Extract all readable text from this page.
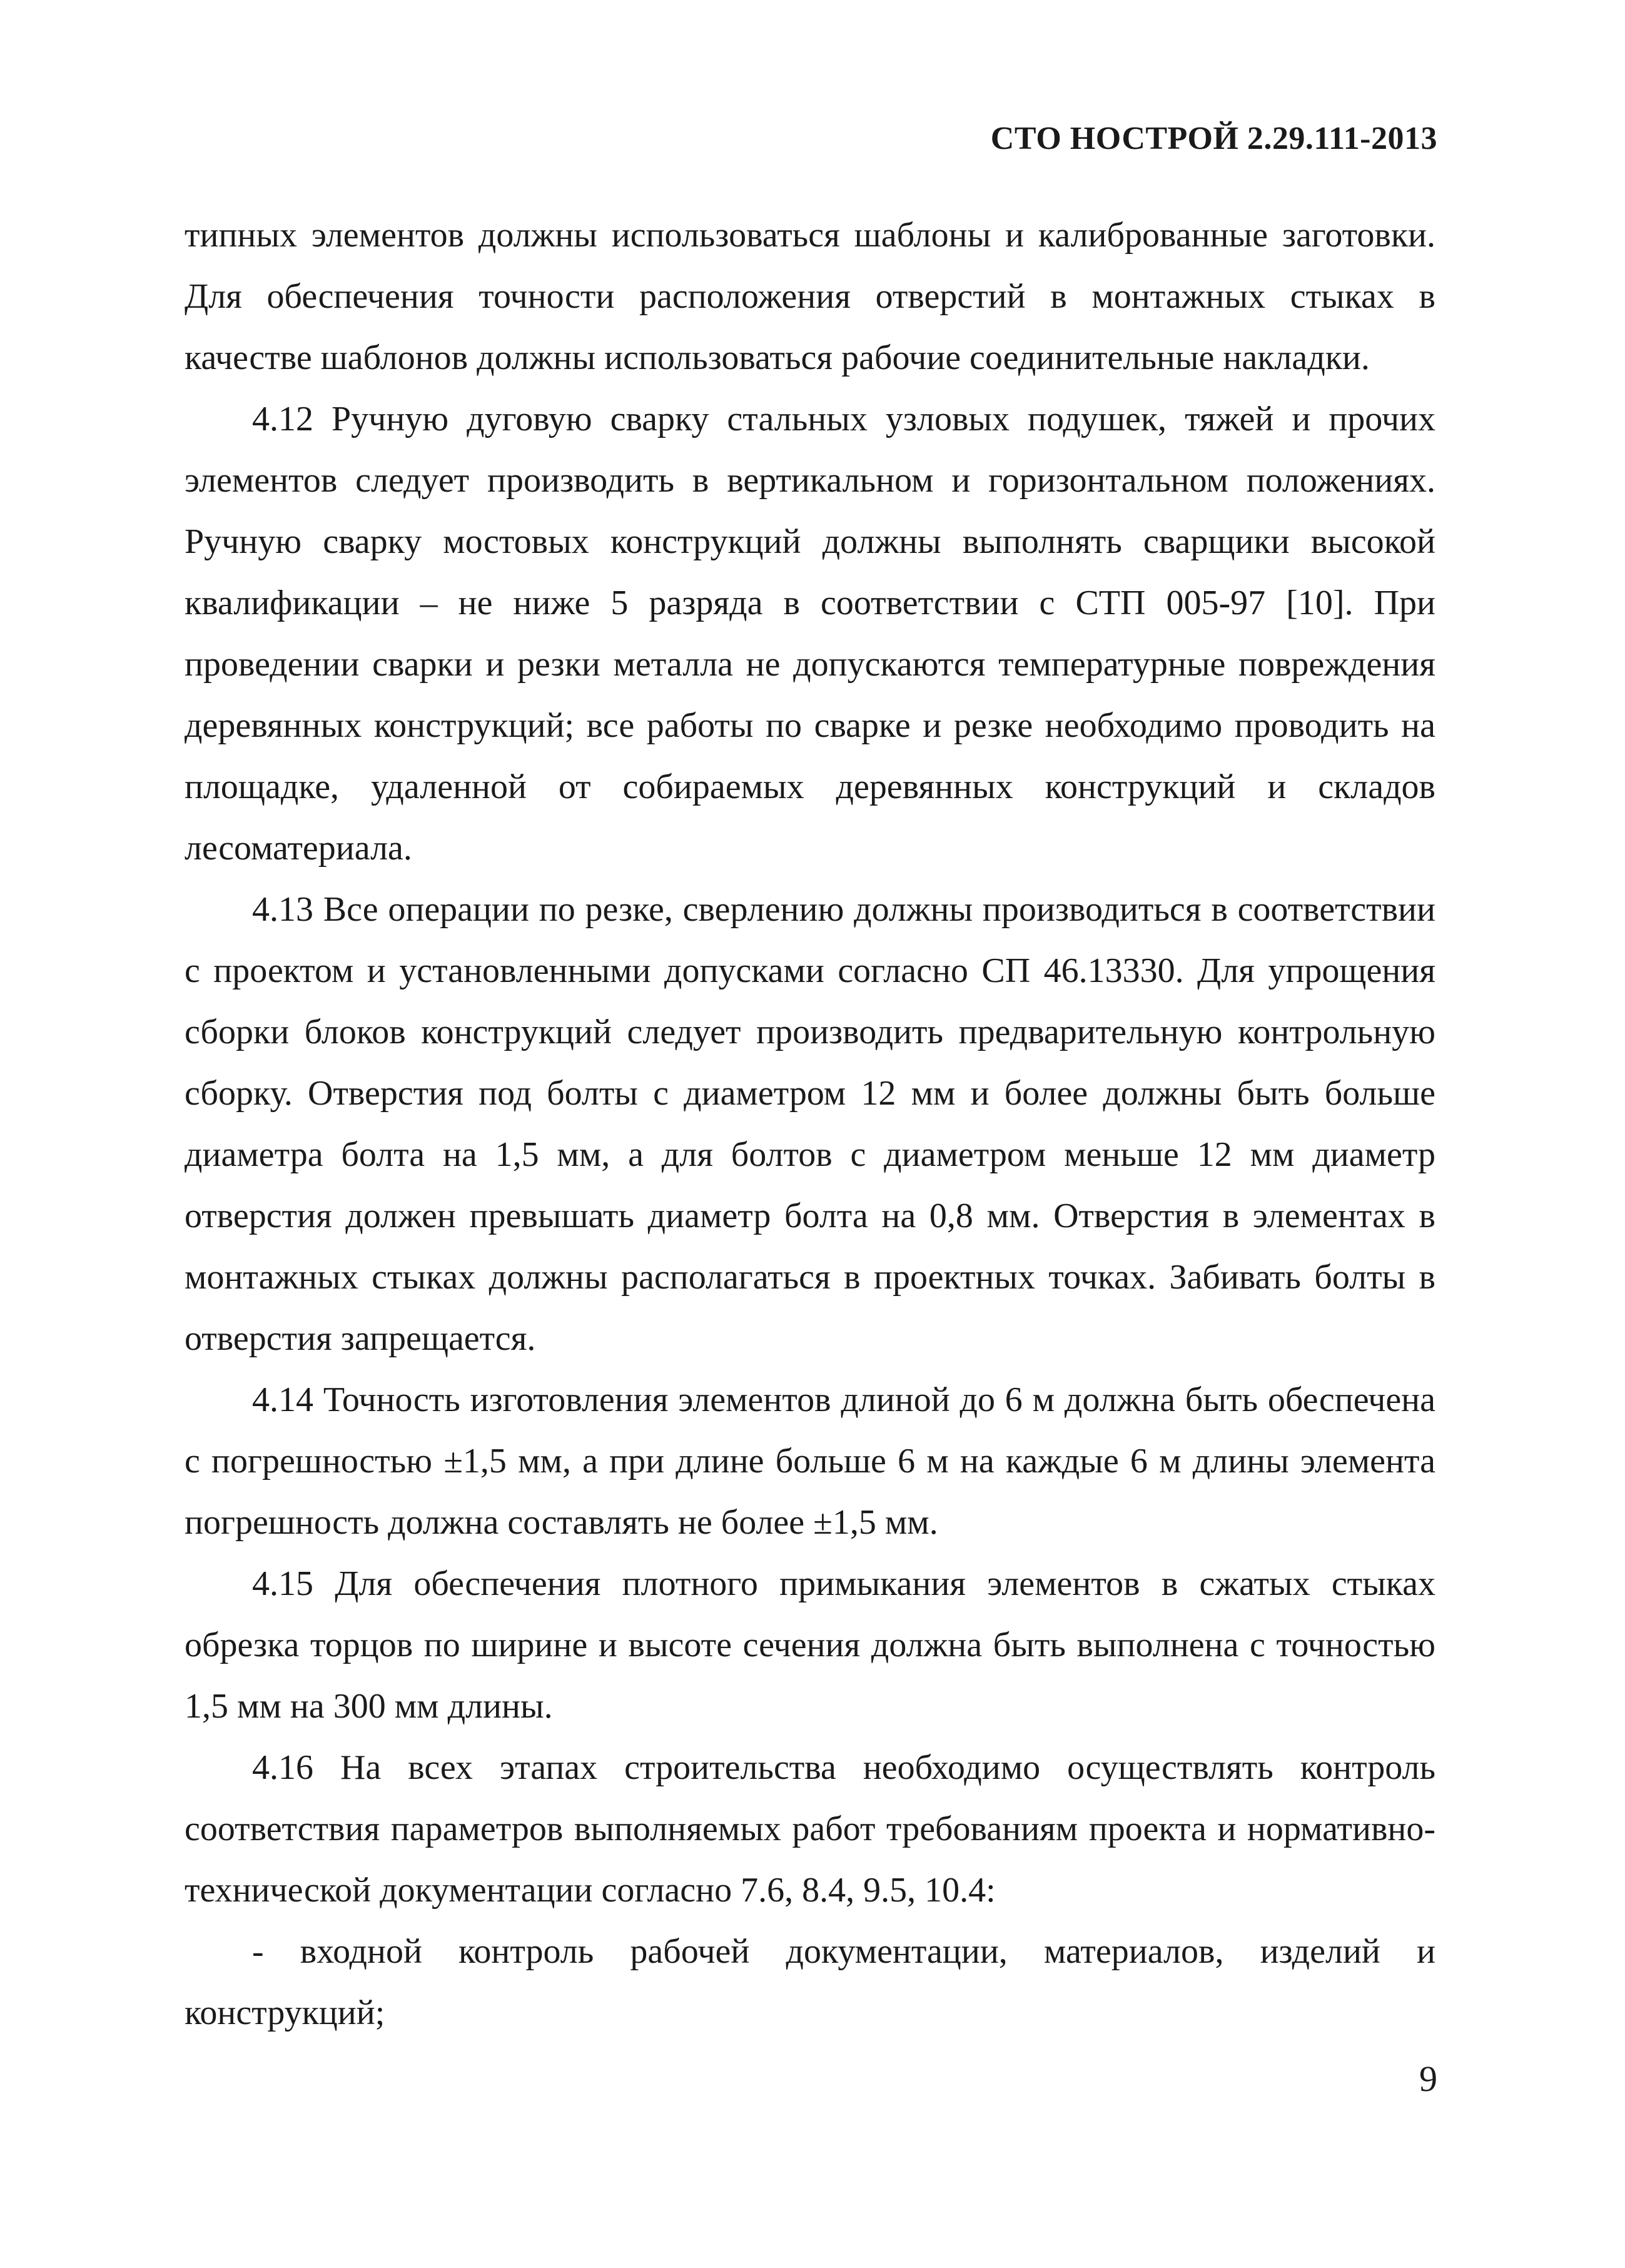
СТО НОСТРОЙ 2.29.111-2013

типных элементов должны использоваться шаблоны и калиброванные заготовки. Для обеспечения точности расположения отверстий в монтажных стыках в качестве шаблонов должны использоваться рабочие соединительные накладки.

4.12 Ручную дуговую сварку стальных узловых подушек, тяжей и прочих элементов следует производить в вертикальном и горизонтальном положениях. Ручную сварку мостовых конструкций должны выполнять сварщики высокой квалификации – не ниже 5 разряда в соответствии с СТП 005-97 [10]. При проведении сварки и резки металла не допускаются температурные повреждения деревянных конструкций; все работы по сварке и резке необходимо проводить на площадке, удаленной от собираемых деревянных конструкций и складов лесоматериала.

4.13 Все операции по резке, сверлению должны производиться в соответствии с проектом и установленными допусками согласно СП 46.13330. Для упрощения сборки блоков конструкций следует производить предварительную контрольную сборку. Отверстия под болты с диаметром 12 мм и более должны быть больше диаметра болта на 1,5 мм, а для болтов с диаметром меньше 12 мм диаметр отверстия должен превышать диаметр болта на 0,8 мм. Отверстия в элементах в монтажных стыках должны располагаться в проектных точках. Забивать болты в отверстия запрещается.

4.14 Точность изготовления элементов длиной до 6 м должна быть обеспечена с погрешностью ±1,5 мм, а при длине больше 6 м на каждые 6 м длины элемента погрешность должна составлять не более ±1,5 мм.

4.15 Для обеспечения плотного примыкания элементов в сжатых стыках обрезка торцов по ширине и высоте сечения должна быть выполнена с точностью 1,5 мм на 300 мм длины.

4.16 На всех этапах строительства необходимо осуществлять контроль соответствия параметров выполняемых работ требованиям проекта и нормативно-технической документации согласно 7.6, 8.4, 9.5, 10.4:

- входной контроль рабочей документации, материалов, изделий и конструкций;

9
